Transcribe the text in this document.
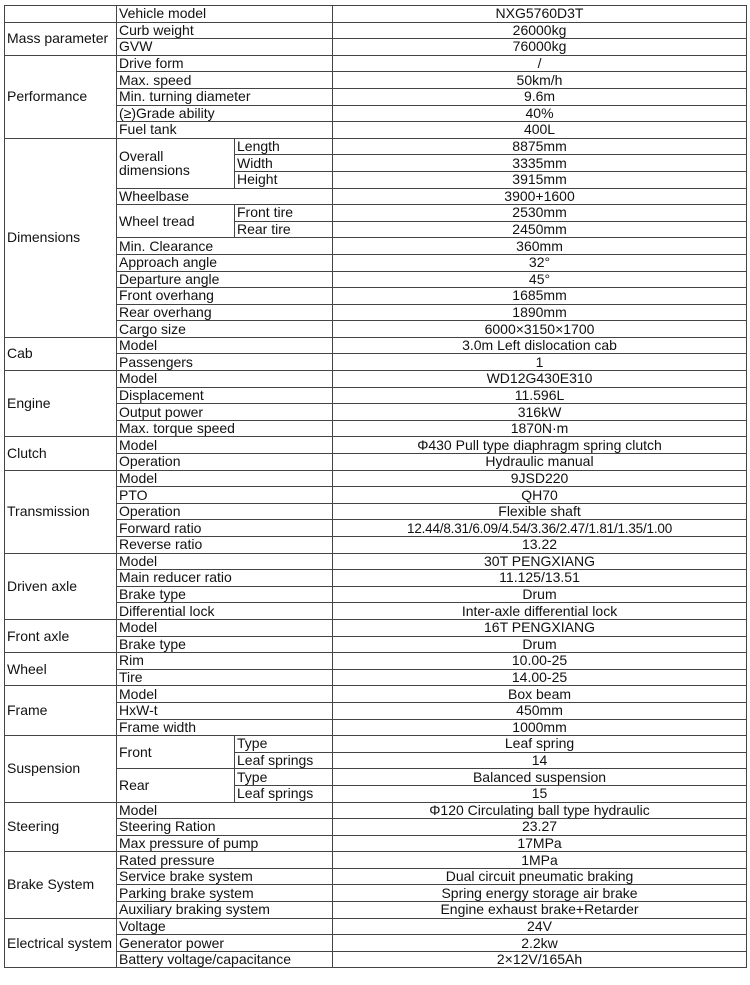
	Vehicle model		NXG5760D3T
Mass parameter	Curb weight		26000kg
	GVW		76000kg
Performance	Drive form		/
	Max. speed		50km/h
	Min. turning diameter		9.6m
	(≥)Grade ability		40%
	Fuel tank		400L
Dimensions	Overall dimensions	Length	8875mm
		Width	3335mm
		Height	3915mm
	Wheelbase		3900+1600
	Wheel tread	Front tire	2530mm
		Rear tire	2450mm
	Min. Clearance		360mm
	Approach angle		32°
	Departure angle		45°
	Front overhang		1685mm
	Rear overhang		1890mm
	Cargo size		6000×3150×1700
Cab	Model		3.0m Left dislocation cab
	Passengers		1
Engine	Model		WD12G430E310
	Displacement		11.596L
	Output power		316kW
	Max. torque speed		1870N·m
Clutch	Model		Φ430 Pull type diaphragm spring clutch
	Operation		Hydraulic manual
Transmission	Model		9JSD220
	PTO		QH70
	Operation		Flexible shaft
	Forward ratio		12.44/8.31/6.09/4.54/3.36/2.47/1.81/1.35/1.00
	Reverse ratio		13.22
Driven axle	Model		30T PENGXIANG
	Main reducer ratio		11.125/13.51
	Brake type		Drum
	Differential lock		Inter-axle differential lock
Front axle	Model		16T PENGXIANG
	Brake type		Drum
Wheel	Rim		10.00-25
	Tire		14.00-25
Frame	Model		Box beam
	HxW-t		450mm
	Frame width		1000mm
Suspension	Front	Type	Leaf spring
		Leaf springs	14
	Rear	Type	Balanced suspension
		Leaf springs	15
Steering	Model		Φ120 Circulating ball type hydraulic
	Steering Ration		23.27
	Max pressure of pump		17MPa
Brake System	Rated pressure		1MPa
	Service brake system		Dual circuit pneumatic braking
	Parking brake system		Spring energy storage air brake
	Auxiliary braking system		Engine exhaust brake+Retarder
Electrical system	Voltage		24V
	Generator power		2.2kw
	Battery voltage/capacitance		2×12V/165Ah
